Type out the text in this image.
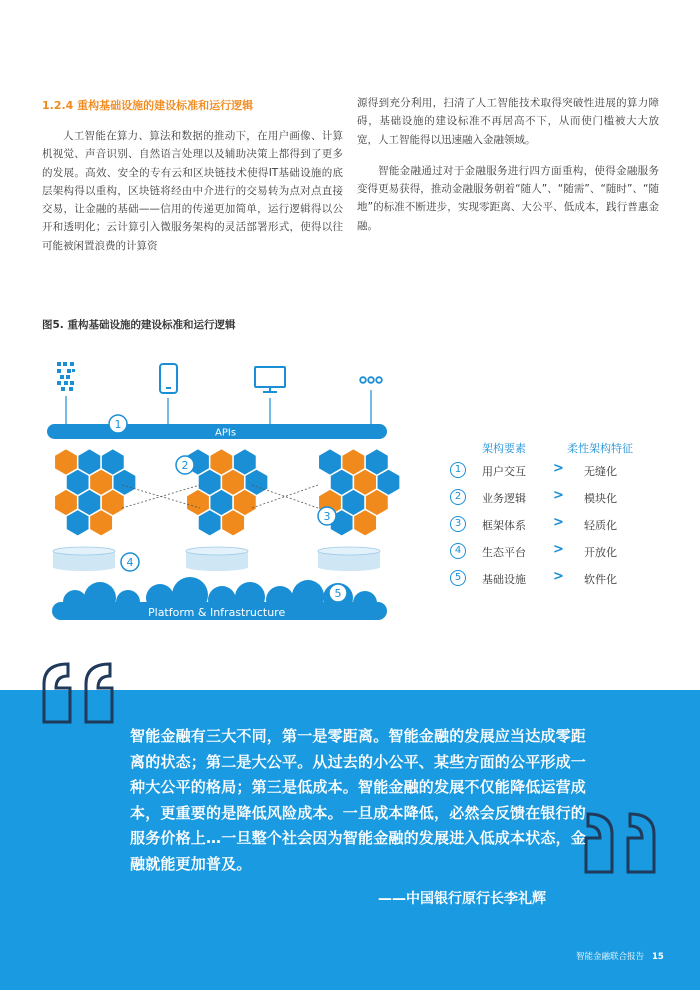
1.2.4 重构基础设施的建设标准和运行逻辑

人工智能在算力、算法和数据的推动下，在用户画像、计算机视觉、声音识别、自然语言处理以及辅助决策上都得到了更多的发展。高效、安全的专有云和区块链技术使得IT基础设施的底层架构得以重构，区块链将经由中介进行的交易转为点对点直接交易，让金融的基础——信用的传递更加简单，运行逻辑得以公开和透明化；云计算引入微服务架构的灵活部署形式，使得以往可能被闲置浪费的计算资

源得到充分利用，扫清了人工智能技术取得突破性进展的算力障碍，基础设施的建设标准不再居高不下，从而使门槛被大大放宽，人工智能得以迅速融入金融领域。

智能金融通过对于金融服务进行四方面重构，使得金融服务变得更易获得，推动金融服务朝着“随人”、“随需”、“随时”、“随地”的标准不断进步，实现零距离、大公平、低成本，践行普惠金融。

图5. 重构基础设施的建设标准和运行逻辑
APIs
1
2
3
4
Platform & Infrastructure
5
架构要素	柔性架构特征
1	用户交互 > 无缝化
2	业务逻辑 > 模块化
3	框架体系 > 轻质化
4	生态平台 > 开放化
5	基础设施 > 软件化
智能金融有三大不同，第一是零距离。智能金融的发展应当达成零距离的状态；第二是大公平。从过去的小公平、某些方面的公平形成一种大公平的格局；第三是低成本。智能金融的发展不仅能降低运营成本，更重要的是降低风险成本。一旦成本降低，必然会反馈在银行的服务价格上…一旦整个社会因为智能金融的发展进入低成本状态，金融就能更加普及。
——中国银行原行长李礼辉
智能金融联合报告 15
